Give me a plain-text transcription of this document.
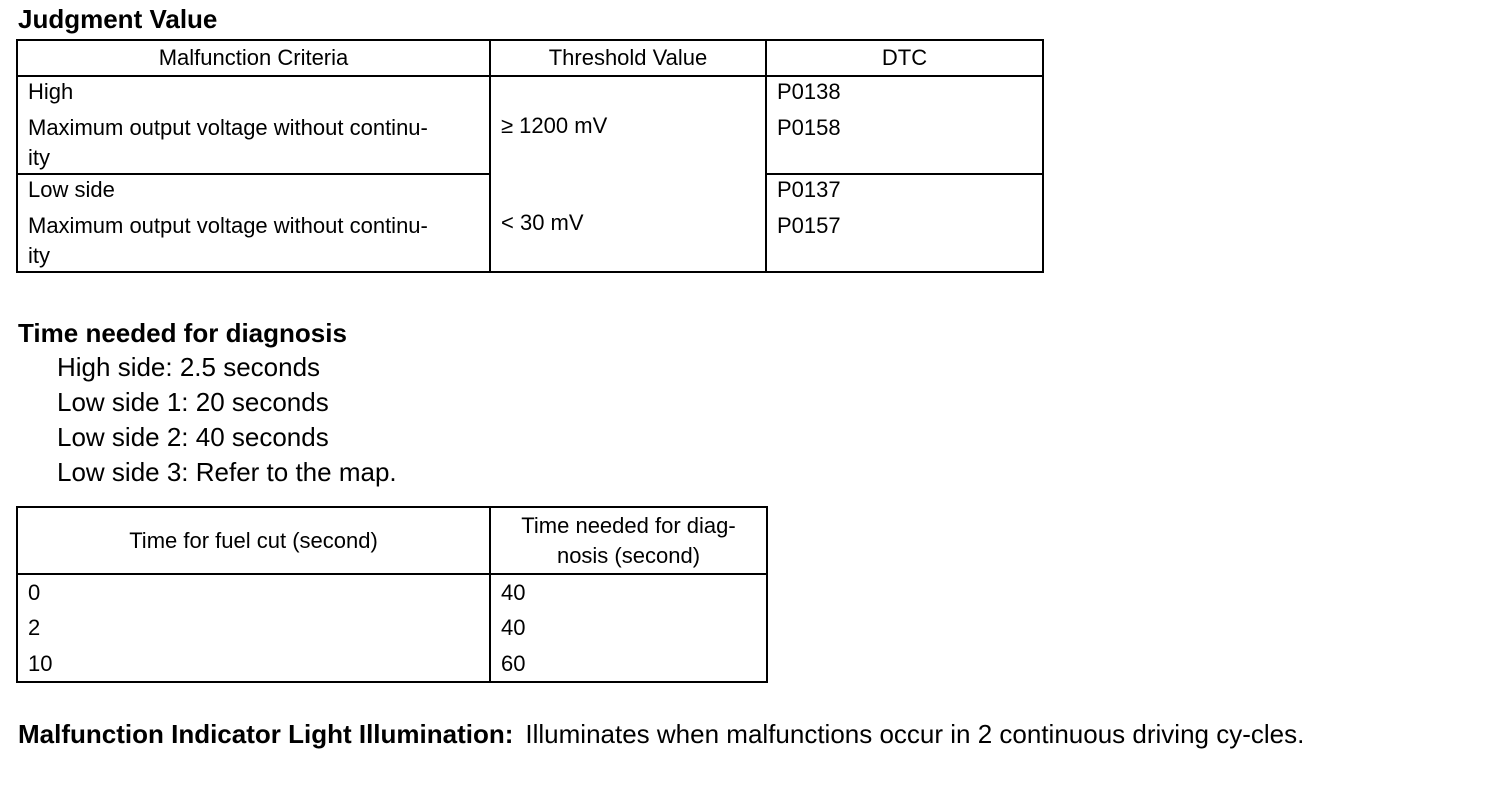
Judgment Value
Malfunction Criteria	Threshold Value	DTC
High	≥ 1200 mV	P0138
Maximum output voltage without continu-		P0158
ity		
Low side	< 30 mV	P0137
Maximum output voltage without continu-		P0157
ity		
Time needed for diagnosis
High side: 2.5 seconds
Low side 1: 20 seconds
Low side 2: 40 seconds
Low side 3: Refer to the map.
Time for fuel cut (second)	Time needed for diag-
nosis (second)

0	40
2	40
10	60
Malfunction Indicator Light Illumination: Illuminates when malfunctions occur in 2 continuous driving cy-cles.
